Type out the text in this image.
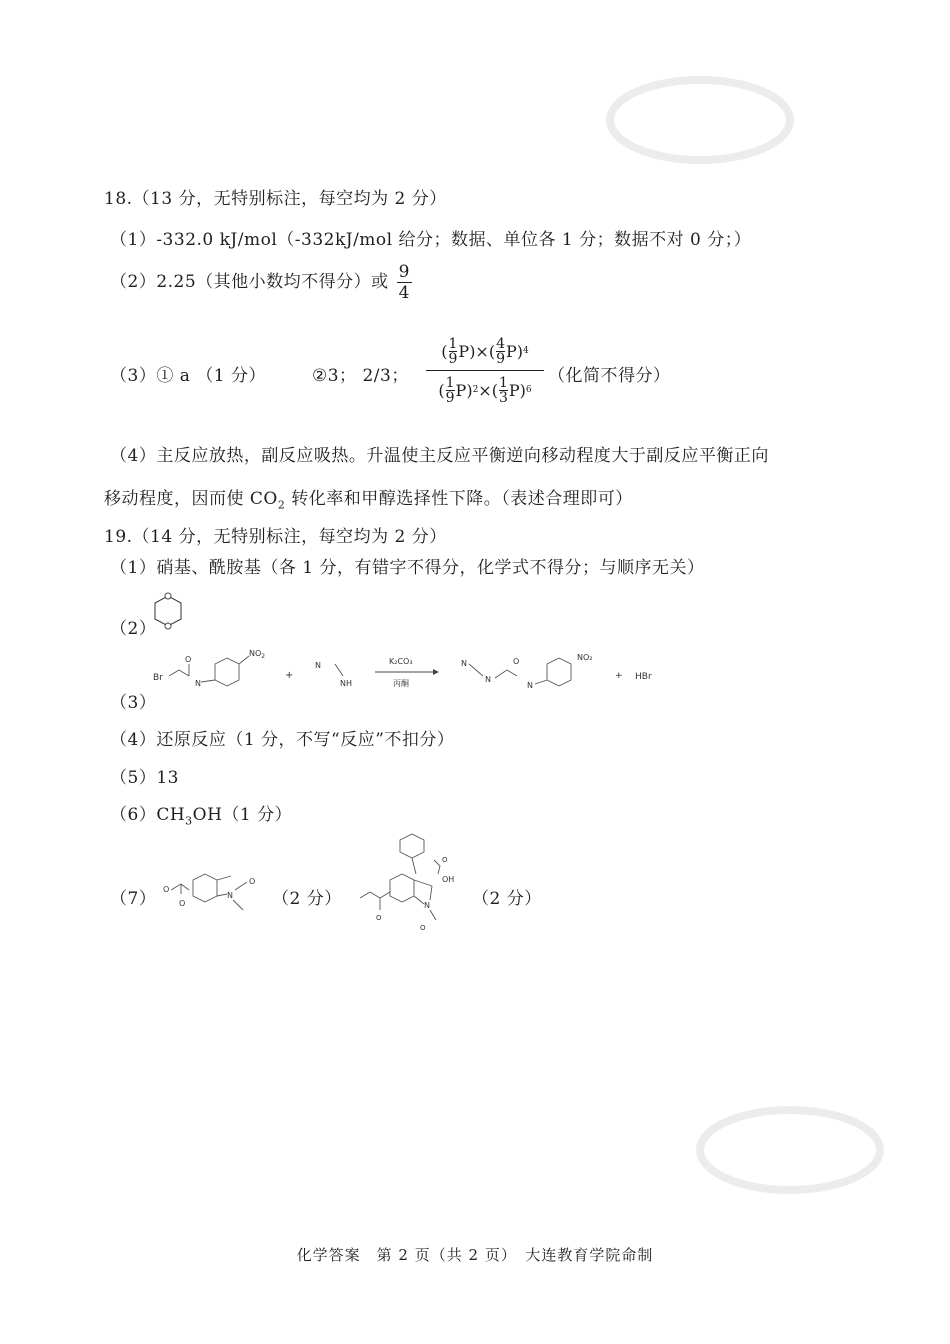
18.（13 分，无特别标注，每空均为 2 分）
（1）-332.0 kJ/mol（-332kJ/mol 给分；数据、单位各 1 分；数据不对 0 分；）
（2）2.25（其他小数均不得分）或 $\frac{9}{4}$
（3）① a （1 分）	②3； 2/3；
( 1
9 P)×( 4
9 P) 4
( 1
9 P) 2 ×( 1
3 P) 6
（化简不得分）
（4）主反应放热，副反应吸热。升温使主反应平衡逆向移动程度大于副反应平衡正向
移动程度，因而使 $CO_2$ 转化率和甲醇选择性下降。（表述合理即可）
19.（14 分，无特别标注，每空均为 2 分）
（1）硝基、酰胺基（各 1 分，有错字不得分，化学式不得分；与顺序无关）
（2）
（3）
Br
O
N
$NO_2$
+
N
NH
K₂CO₃
丙酮
N
N
O
N
NO₂
+ HBr
（4）还原反应（1 分，不写“反应”不扣分）
（5）13
$(6)CH_3OH(1$ 分）
（7） O
N
O
O	（2 分）
O
OH
N
O
O
（2 分）
化学答案　第 2 页（共 2 页）　大连教育学院命制
